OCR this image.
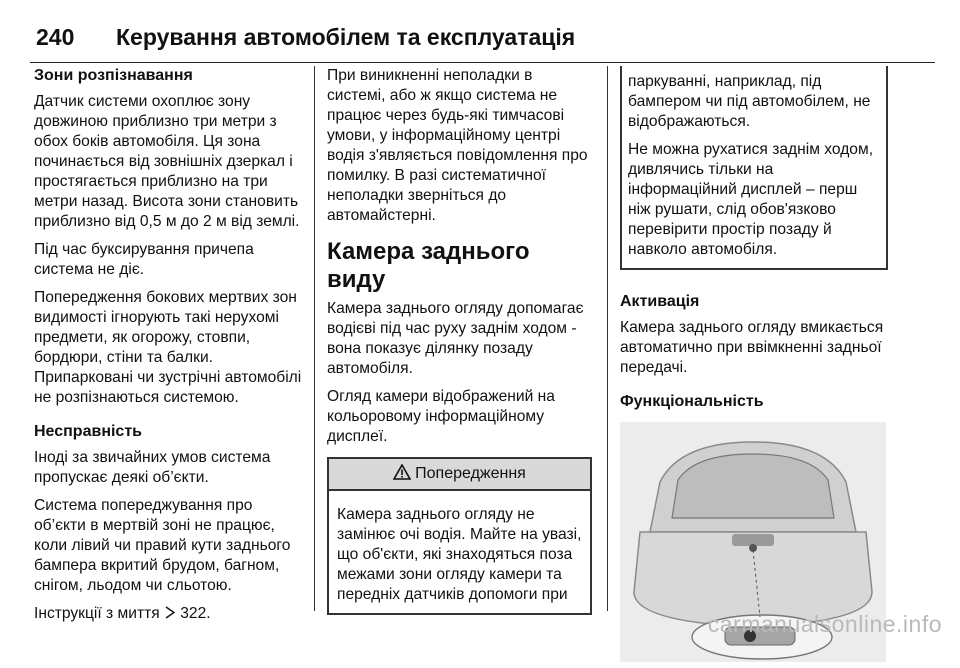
240 Керування автомобілем та експлуатація
Зони розпізнавання

Датчик системи охоплює зону довжиною приблизно три метри з обох боків автомобіля. Ця зона починається від зовнішніх дзеркал і простягається приблизно на три метри назад. Висота зони становить приблизно від 0,5 м до 2 м від землі.

Під час буксирування причепа система не діє.

Попередження бокових мертвих зон видимості ігнорують такі нерухомі предмети, як огорожу, стовпи, бордюри, стіни та балки. Припарковані чи зустрічні автомобілі не розпізнаються системою.

Несправність

Іноді за звичайних умов система пропускає деякі об’єкти.

Система попереджування про об’єкти в мертвій зоні не працює, коли лівий чи правий кути заднього бампера вкритий брудом, багном, снігом, льодом чи сльотою.

Інструкції з миття 322.

При виникненні неполадки в системі, або ж якщо система не працює через будь-які тимчасові умови, у інформаційному центрі водія з'являється повідомлення про помилку. В разі систематичної неполадки зверніться до автомайстерні.

Камера заднього виду

Камера заднього огляду допомагає водієві під час руху заднім ходом - вона показує ділянку позаду автомобіля.

Огляд камери відображений на кольоровому інформаційному дисплеї.

Попередження
Камера заднього огляду не замінює очі водія. Майте на увазі, що об'єкти, які знаходяться поза межами зони огляду камери та передніх датчиків допомоги при

паркуванні, наприклад, під бампером чи під автомобілем, не відображаються.

Не можна рухатися заднім ходом, дивлячись тільки на інформаційний дисплей – перш ніж рушати, слід обов'язково перевірити простір позаду й навколо автомобіля.

Активація

Камера заднього огляду вмикається автоматично при ввімкненні задньої передачі.

Функціональність
carmanualsonline.info
